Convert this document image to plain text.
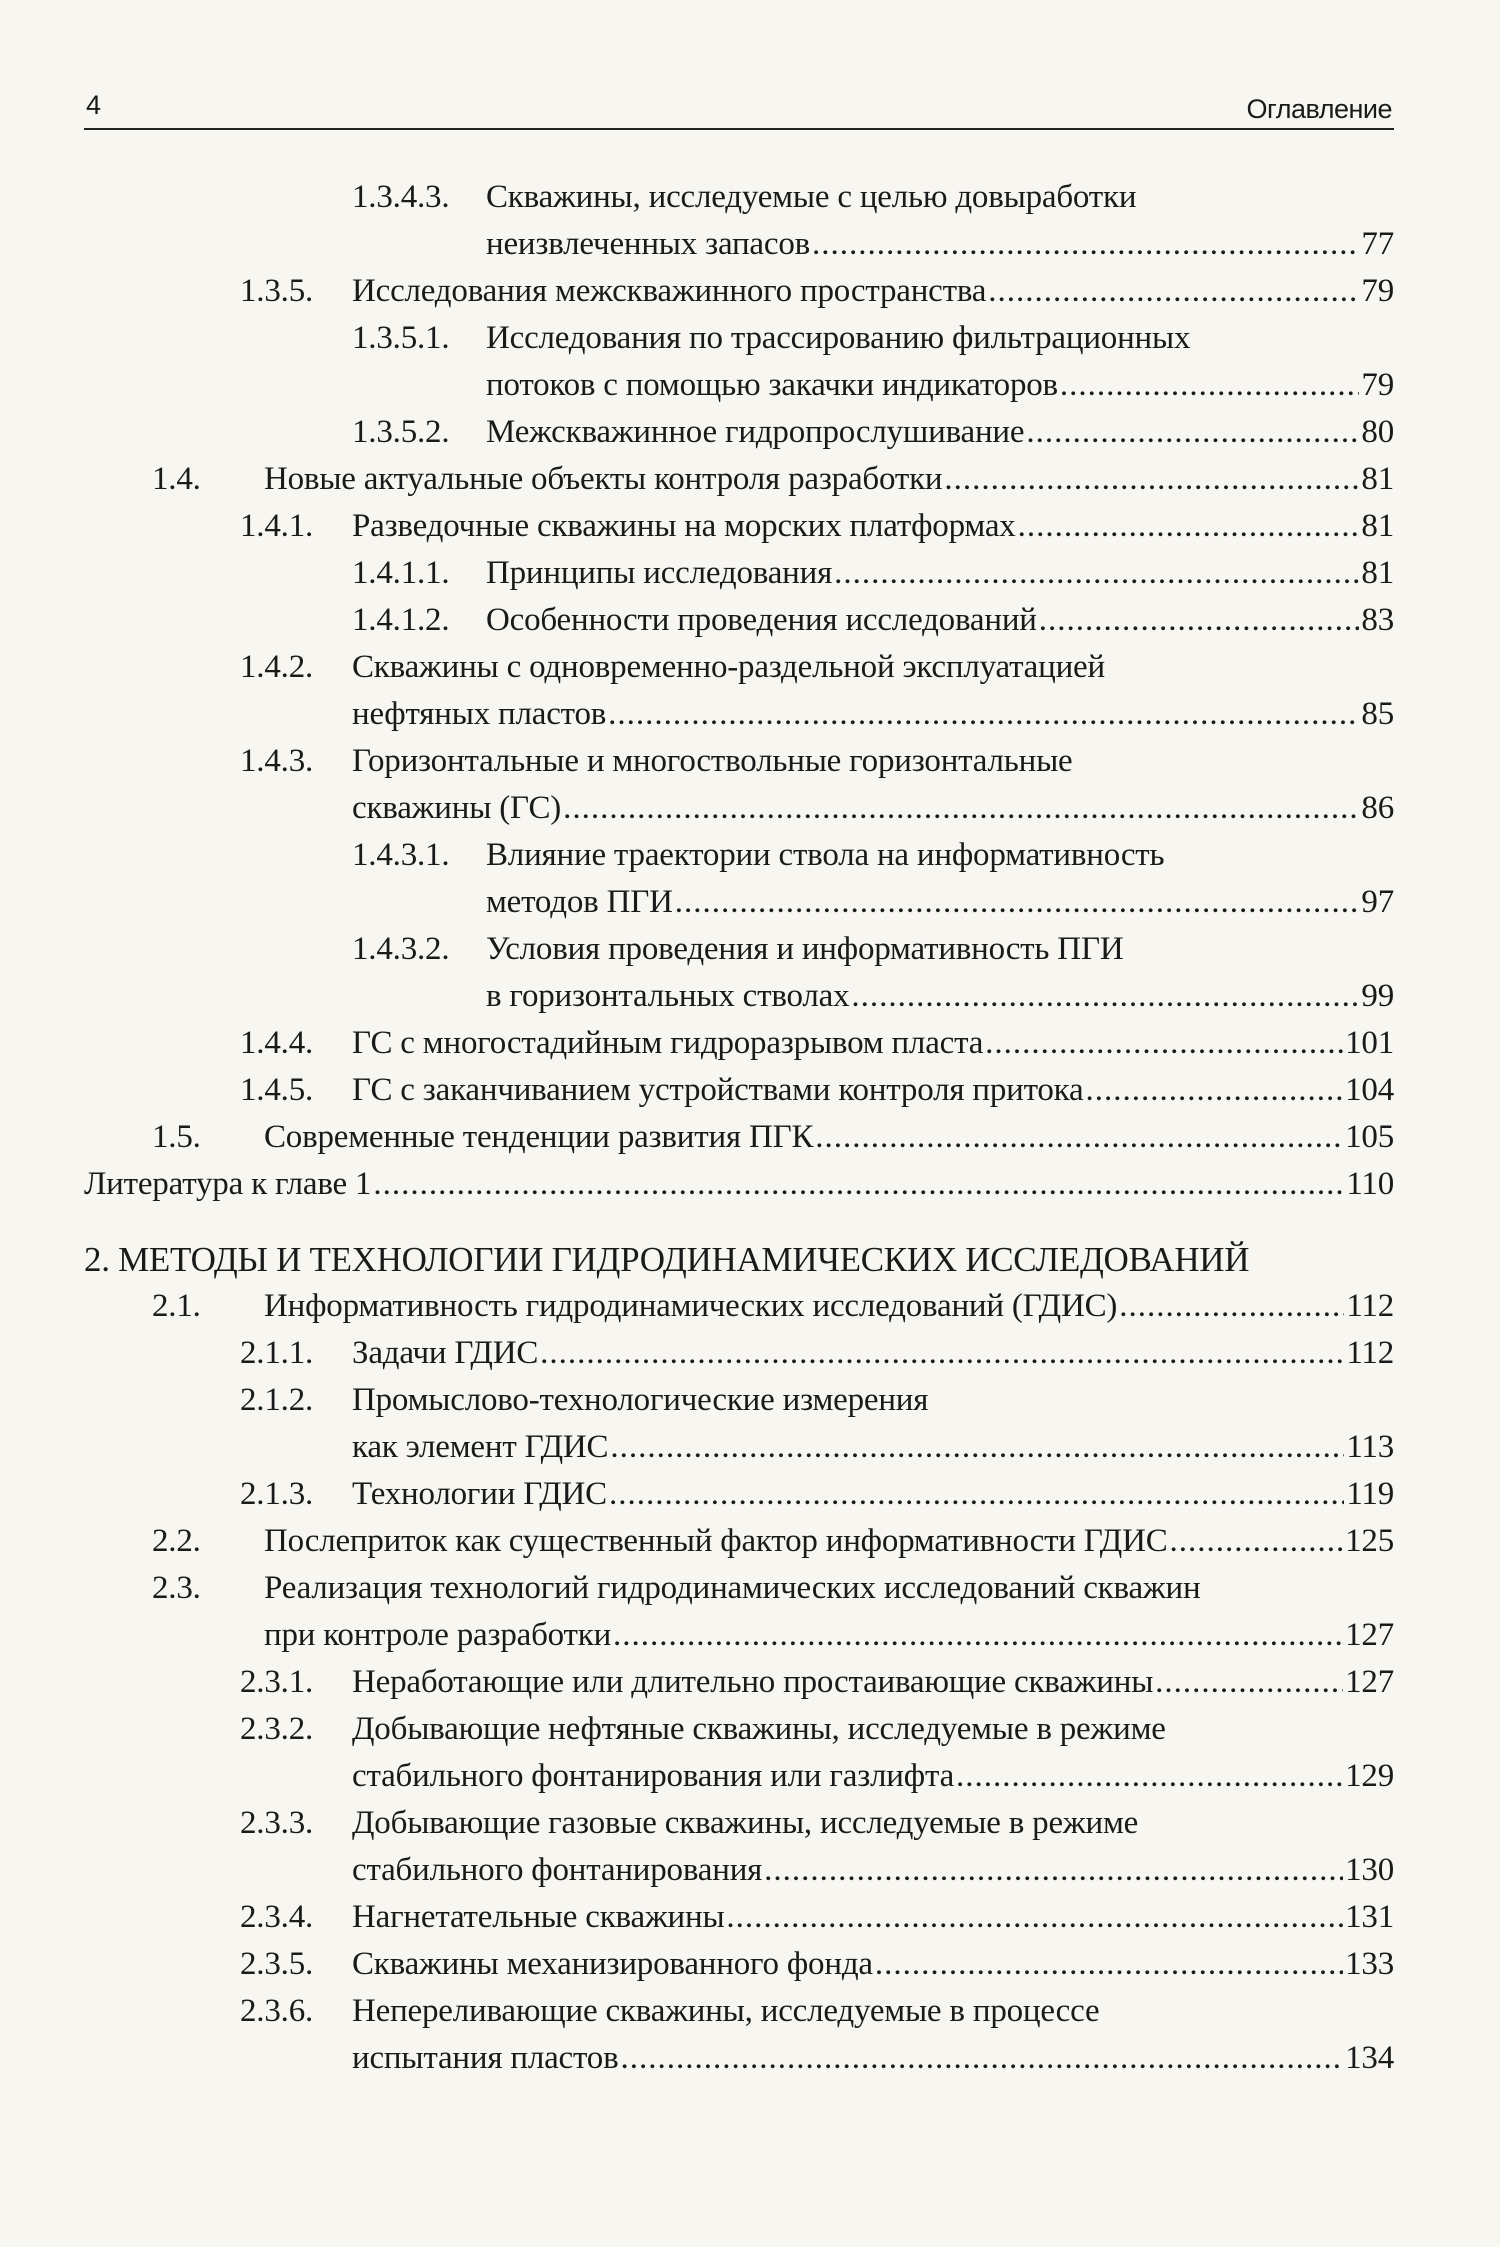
4	Оглавление
1.3.4.3.	Скважины, исследуемые с целью довыработки
неизвлеченных запасов .....	77
1.3.5.	Исследования межскважинного пространства .....	79
1.3.5.1.	Исследования по трассированию фильтрационных
потоков с помощью закачки индикаторов .....	79
1.3.5.2.	Межскважинное гидропрослушивание .....	80
1.4.	Новые актуальные объекты контроля разработки .....	81
1.4.1.	Разведочные скважины на морских платформах .....	81
1.4.1.1.	Принципы исследования .....	81
1.4.1.2.	Особенности проведения исследований .....	83
1.4.2.	Скважины с одновременно-раздельной эксплуатацией
нефтяных пластов .....	85
1.4.3.	Горизонтальные и многоствольные горизонтальные
скважины (ГС) .....	86
1.4.3.1.	Влияние траектории ствола на информативность
методов ПГИ .....	97
1.4.3.2.	Условия проведения и информативность ПГИ
в горизонтальных стволах .....	99
1.4.4.	ГС с многостадийным гидроразрывом пласта .....	101
1.4.5.	ГС с заканчиванием устройствами контроля притока .....	104
1.5.	Современные тенденции развития ПГК .....	105
Литература к главе 1 .....	110
2. МЕТОДЫ И ТЕХНОЛОГИИ ГИДРОДИНАМИЧЕСКИХ ИССЛЕДОВАНИЙ
2.1.	Информативность гидродинамических исследований (ГДИС) .....	112
2.1.1.	Задачи ГДИС .....	112
2.1.2.	Промыслово-технологические измерения
как элемент ГДИС .....	113
2.1.3.	Технологии ГДИС .....	119
2.2.	Послеприток как существенный фактор информативности ГДИС .....	125
2.3.	Реализация технологий гидродинамических исследований скважин
при контроле разработки .....	127
2.3.1.	Неработающие или длительно простаивающие скважины .....	127
2.3.2.	Добывающие нефтяные скважины, исследуемые в режиме
стабильного фонтанирования или газлифта .....	129
2.3.3.	Добывающие газовые скважины, исследуемые в режиме
стабильного фонтанирования .....	130
2.3.4.	Нагнетательные скважины .....	131
2.3.5.	Скважины механизированного фонда .....	133
2.3.6.	Непереливающие скважины, исследуемые в процессе
испытания пластов .....	134
